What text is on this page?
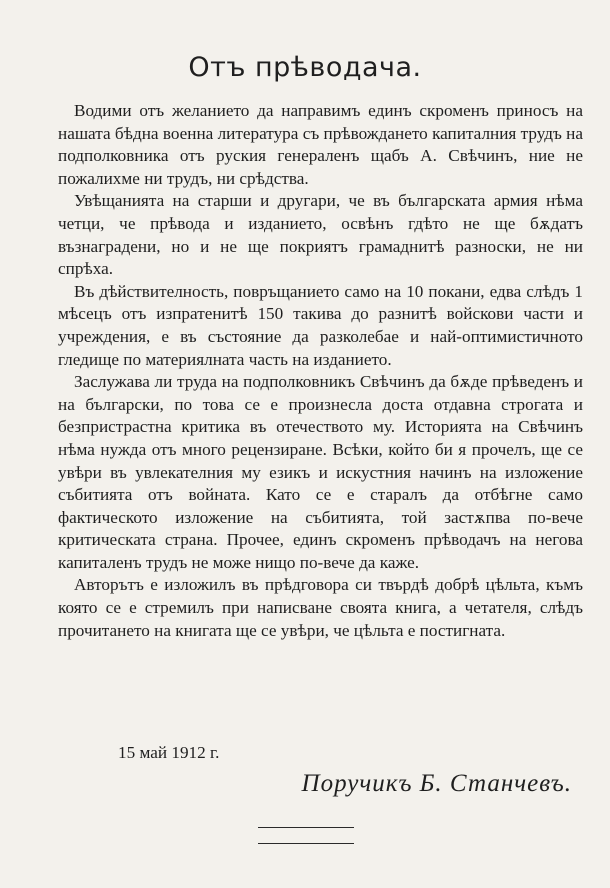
Отъ прѣводача.

Водими отъ желанието да направимъ единъ скроменъ приносъ на нашата бѣдна военна литература съ прѣвождането капиталния трудъ на подполковника отъ руския генераленъ щабъ А. Свѣчинъ, ние не пожалихме ни трудъ, ни срѣдства.

Увѣщанията на старши и другари, че въ българската армия нѣма четци, че прѣвода и изданието, освѣнъ гдѣто не ще бѫдатъ възнаградени, но и не ще покриятъ грамаднитѣ разноски, не ни спрѣха.

Въ дѣйствителность, повръщанието само на 10 покани, едва слѣдъ 1 мѣсецъ отъ изпратенитѣ 150 такива до разнитѣ войскови части и учреждения, е въ състояние да разколебае и най-оптимистичното гледище по материялната часть на изданието.

Заслужава ли труда на подполковникъ Свѣчинъ да бѫде прѣведенъ и на български, по това се е произнесла доста отдавна строгата и безпристрастна критика въ отечеството му. Историята на Свѣчинъ нѣма нужда отъ много рецензиране. Всѣки, който би я прочелъ, ще се увѣри въ увлекателния му езикъ и искустния начинъ на изложение събитията отъ войната. Като се е стаpалъ да отбѣгне само фактическото изложение на събитията, той застѫпва по-вече критическата страна. Прочее, единъ скроменъ прѣводачъ на негова капиталенъ трудъ не може нищо по-вече да каже.

Авторътъ е изложилъ въ прѣдговора си твърдѣ добрѣ цѣльта, къмъ която се е стремилъ при написване своята книга, а четателя, слѣдъ прочитането на книгата ще се увѣри, че цѣльта е постигната.

15 май 1912 г.
Поручикъ Б. Станчевъ.
